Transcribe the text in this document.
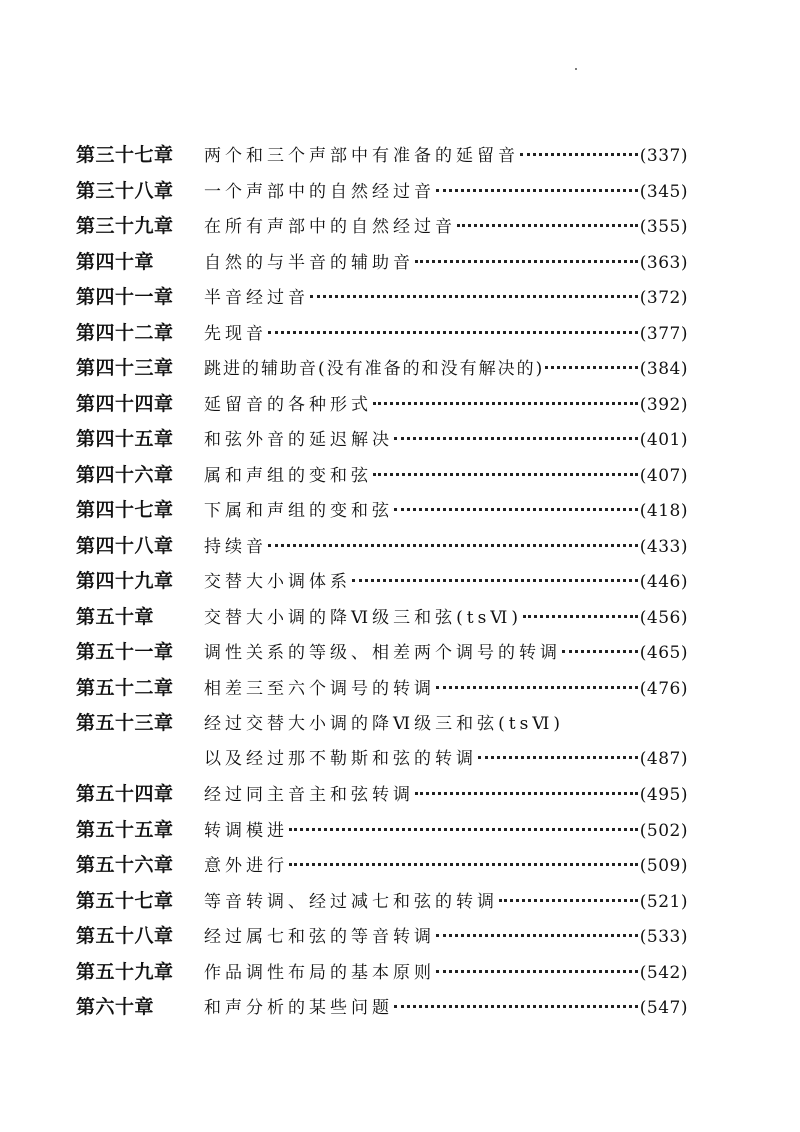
第三十七章	两个和三个声部中有准备的延留音	(337)
第三十八章	一个声部中的自然经过音	(345)
第三十九章	在所有声部中的自然经过音	(355)
第四十章	自然的与半音的辅助音	(363)
第四十一章	半音经过音	(372)
第四十二章	先现音	(377)
第四十三章	跳进的辅助音(没有准备的和没有解决的)	(384)
第四十四章	延留音的各种形式	(392)
第四十五章	和弦外音的延迟解决	(401)
第四十六章	属和声组的变和弦	(407)
第四十七章	下属和声组的变和弦	(418)
第四十八章	持续音	(433)
第四十九章	交替大小调体系	(446)
第五十章	交替大小调的降Ⅵ级三和弦(tsⅥ)	(456)
第五十一章	调性关系的等级、相差两个调号的转调	(465)
第五十二章	相差三至六个调号的转调	(476)
第五十三章	经过交替大小调的降Ⅵ级三和弦(tsⅥ)
以及经过那不勒斯和弦的转调	(487)
第五十四章	经过同主音主和弦转调	(495)
第五十五章	转调模进	(502)
第五十六章	意外进行	(509)
第五十七章	等音转调、经过减七和弦的转调	(521)
第五十八章	经过属七和弦的等音转调	(533)
第五十九章	作品调性布局的基本原则	(542)
第六十章	和声分析的某些问题	(547)
